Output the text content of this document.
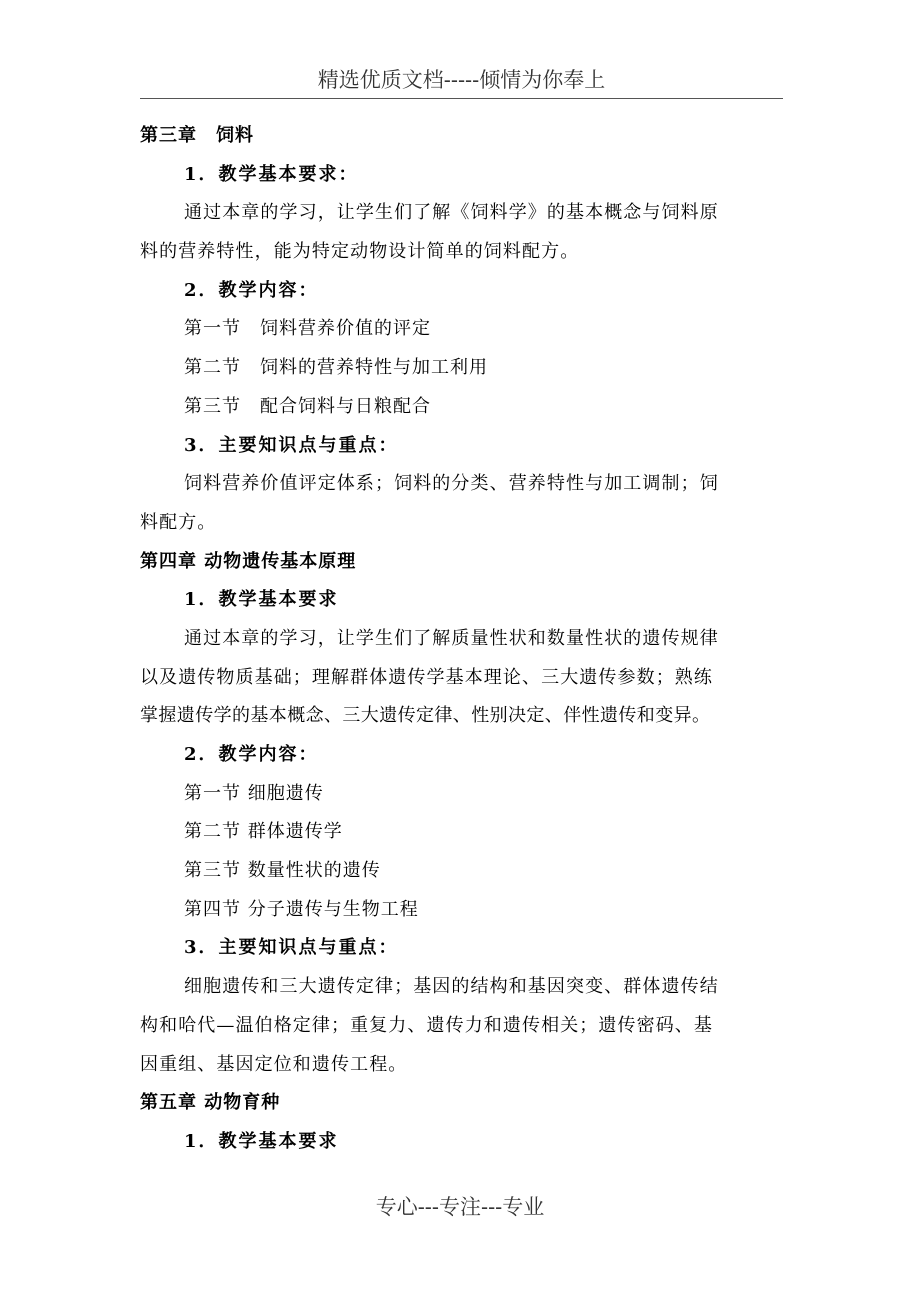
精选优质文档-----倾情为你奉上
第三章　饲料
1．教学基本要求：
通过本章的学习，让学生们了解《饲料学》的基本概念与饲料原
料的营养特性，能为特定动物设计简单的饲料配方。
2．教学内容：
第一节　饲料营养价值的评定
第二节　饲料的营养特性与加工利用
第三节　配合饲料与日粮配合
3．主要知识点与重点：
饲料营养价值评定体系；饲料的分类、营养特性与加工调制；饲
料配方。
第四章 动物遗传基本原理
1．教学基本要求
通过本章的学习，让学生们了解质量性状和数量性状的遗传规律
以及遗传物质基础；理解群体遗传学基本理论、三大遗传参数；熟练
掌握遗传学的基本概念、三大遗传定律、性别决定、伴性遗传和变异。
2．教学内容：
第一节 细胞遗传
第二节 群体遗传学
第三节 数量性状的遗传
第四节 分子遗传与生物工程
3．主要知识点与重点：
细胞遗传和三大遗传定律；基因的结构和基因突变、群体遗传结
构和哈代—温伯格定律；重复力、遗传力和遗传相关；遗传密码、基
因重组、基因定位和遗传工程。
第五章 动物育种
1．教学基本要求
专心---专注---专业
